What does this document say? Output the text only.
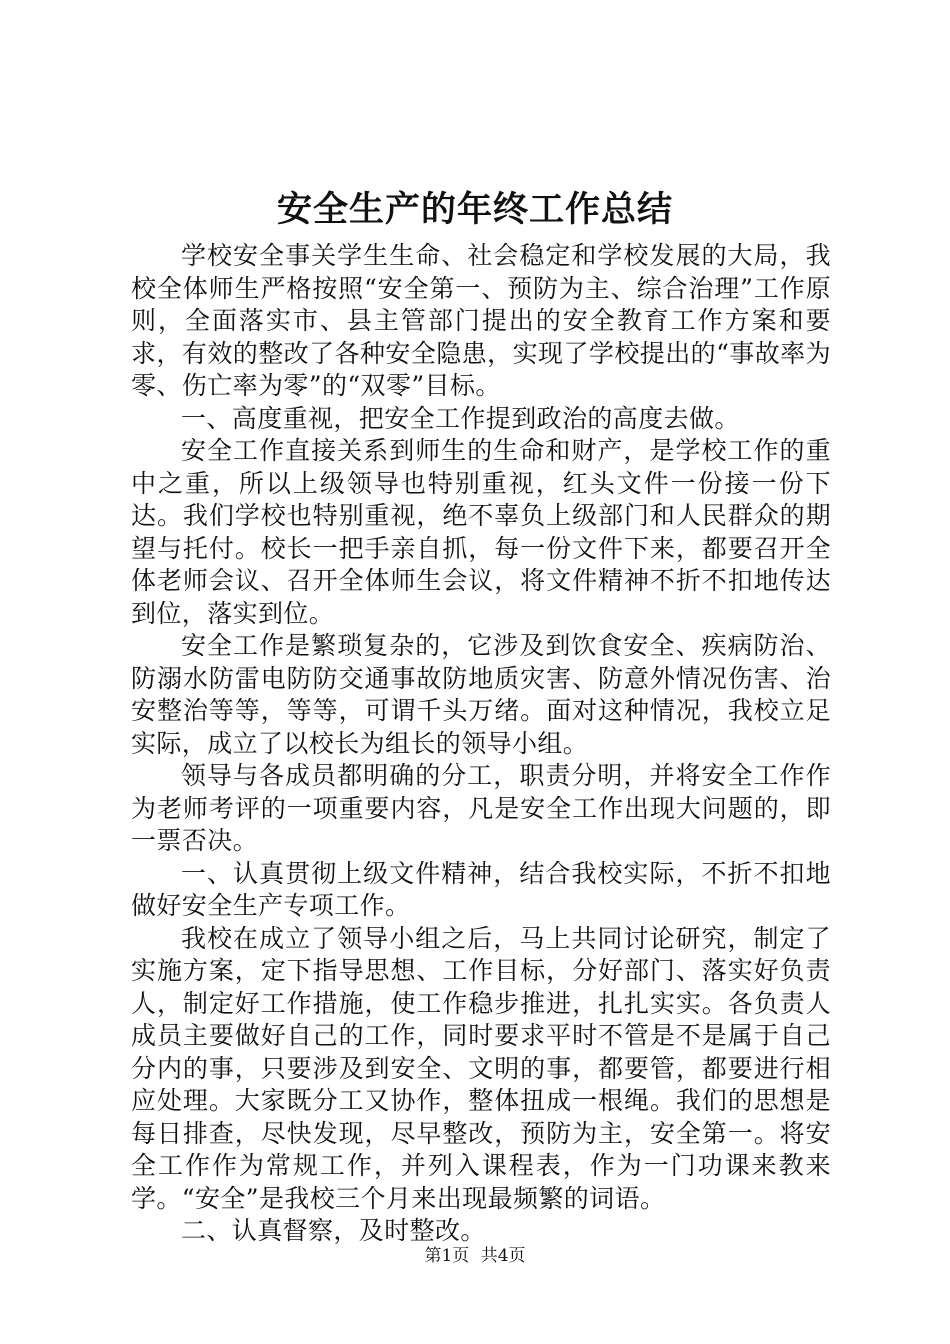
安全生产的年终工作总结

学校安全事关学生生命、社会稳定和学校发展的大局，我校全体师生严格按照“安全第一、预防为主、综合治理”工作原则，全面落实市、县主管部门提出的安全教育工作方案和要求，有效的整改了各种安全隐患，实现了学校提出的“事故率为零、伤亡率为零”的“双零”目标。

一、高度重视，把安全工作提到政治的高度去做。

安全工作直接关系到师生的生命和财产，是学校工作的重中之重，所以上级领导也特别重视，红头文件一份接一份下达。我们学校也特别重视，绝不辜负上级部门和人民群众的期望与托付。校长一把手亲自抓，每一份文件下来，都要召开全体老师会议、召开全体师生会议，将文件精神不折不扣地传达到位，落实到位。

安全工作是繁琐复杂的，它涉及到饮食安全、疾病防治、防溺水防雷电防防交通事故防地质灾害、防意外情况伤害、治安整治等等，等等，可谓千头万绪。面对这种情况，我校立足实际，成立了以校长为组长的领导小组。

领导与各成员都明确的分工，职责分明，并将安全工作作为老师考评的一项重要内容，凡是安全工作出现大问题的，即一票否决。

一、认真贯彻上级文件精神，结合我校实际，不折不扣地做好安全生产专项工作。

我校在成立了领导小组之后，马上共同讨论研究，制定了实施方案，定下指导思想、工作目标，分好部门、落实好负责人，制定好工作措施，使工作稳步推进，扎扎实实。各负责人成员主要做好自己的工作，同时要求平时不管是不是属于自己分内的事，只要涉及到安全、文明的事，都要管，都要进行相应处理。大家既分工又协作，整体扭成一根绳。我们的思想是每日排查，尽快发现，尽早整改，预防为主，安全第一。将安全工作作为常规工作，并列入课程表，作为一门功课来教来学。“安全”是我校三个月来出现最频繁的词语。

二、认真督察，及时整改。

第1页 共4页
